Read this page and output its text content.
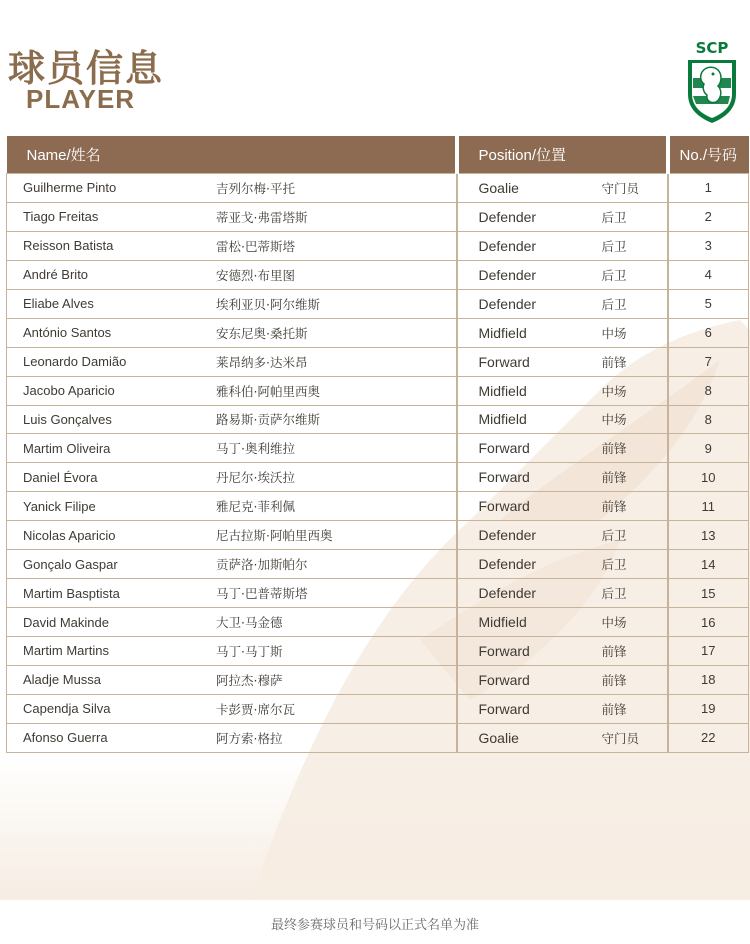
球员信息
PLAYER
SCP
Name/姓名	Position/位置	No./号码

Guilherme Pinto 吉列尔梅·平托	Goalie 守门员	1

Tiago Freitas 蒂亚戈·弗雷塔斯	Defender 后卫	2

Reisson Batista 雷松·巴蒂斯塔	Defender 后卫	3

André Brito 安德烈·布里图	Defender 后卫	4

Eliabe Alves 埃利亚贝·阿尔维斯	Defender 后卫	5

António Santos 安东尼奥·桑托斯	Midfield 中场	6

Leonardo Damião 莱昂纳多·达米昂	Forward 前锋	7

Jacobo Aparicio 雅科伯·阿帕里西奥	Midfield 中场	8

Luis Gonçalves 路易斯·贡萨尔维斯	Midfield 中场	8

Martim Oliveira 马丁·奥利维拉	Forward 前锋	9

Daniel Évora 丹尼尔·埃沃拉	Forward 前锋	10

Yanick Filipe 雅尼克·菲利佩	Forward 前锋	11

Nicolas Aparicio 尼古拉斯·阿帕里西奥	Defender 后卫	13

Gonçalo Gaspar 贡萨洛·加斯帕尔	Defender 后卫	14

Martim Basptista 马丁·巴普蒂斯塔	Defender 后卫	15

David Makinde 大卫·马金德	Midfield 中场	16

Martim Martins 马丁·马丁斯	Forward 前锋	17

Aladje Mussa 阿拉杰·穆萨	Forward 前锋	18

Capendja Silva 卡彭贾·席尔瓦	Forward 前锋	19

Afonso Guerra 阿方索·格拉	Goalie 守门员	22
最终参赛球员和号码以正式名单为准
